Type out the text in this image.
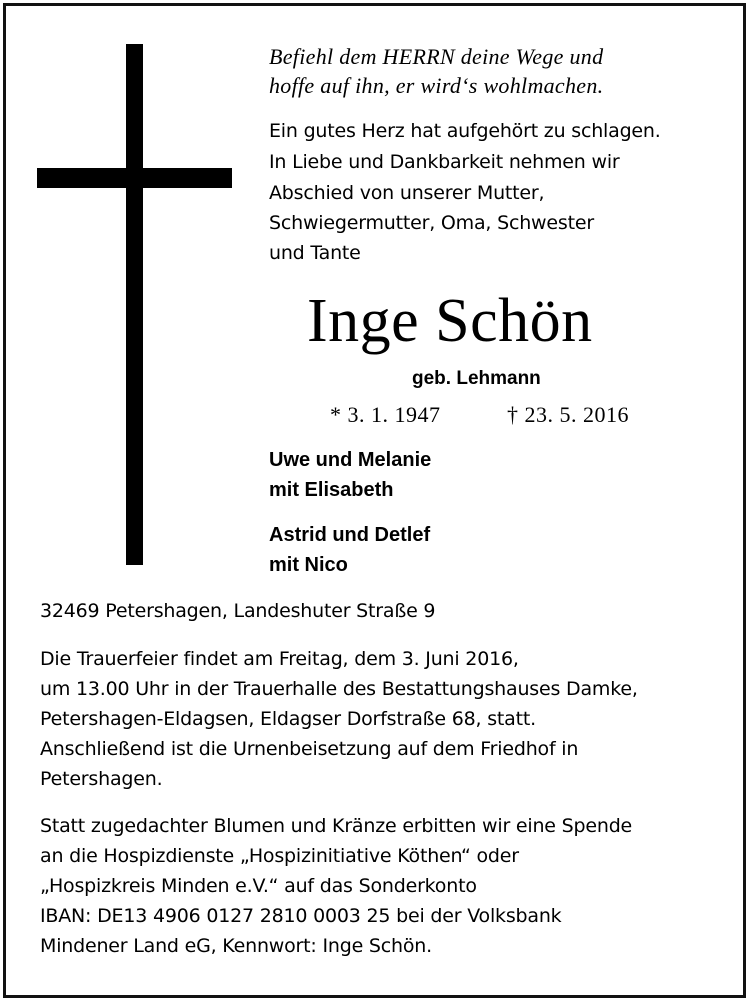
Befiehl dem HERRN deine Wege und
hoffe auf ihn, er wird‘s wohlmachen.
Ein gutes Herz hat aufgehört zu schlagen.
In Liebe und Dankbarkeit nehmen wir
Abschied von unserer Mutter,
Schwiegermutter, Oma, Schwester
und Tante
Inge Schön
geb. Lehmann
* 3. 1. 1947	† 23. 5. 2016
Uwe und Melanie
mit Elisabeth
Astrid und Detlef
mit Nico
32469 Petershagen, Landeshuter Straße 9
Die Trauerfeier findet am Freitag, dem 3. Juni 2016,
um 13.00 Uhr in der Trauerhalle des Bestattungshauses Damke,
Petershagen-Eldagsen, Eldagser Dorfstraße 68, statt.
Anschließend ist die Urnenbeisetzung auf dem Friedhof in
Petershagen.
Statt zugedachter Blumen und Kränze erbitten wir eine Spende
an die Hospizdienste „Hospizinitiative Köthen“ oder
„Hospizkreis Minden e.V.“ auf das Sonderkonto
IBAN: DE13 4906 0127 2810 0003 25 bei der Volksbank
Mindener Land eG, Kennwort: Inge Schön.
